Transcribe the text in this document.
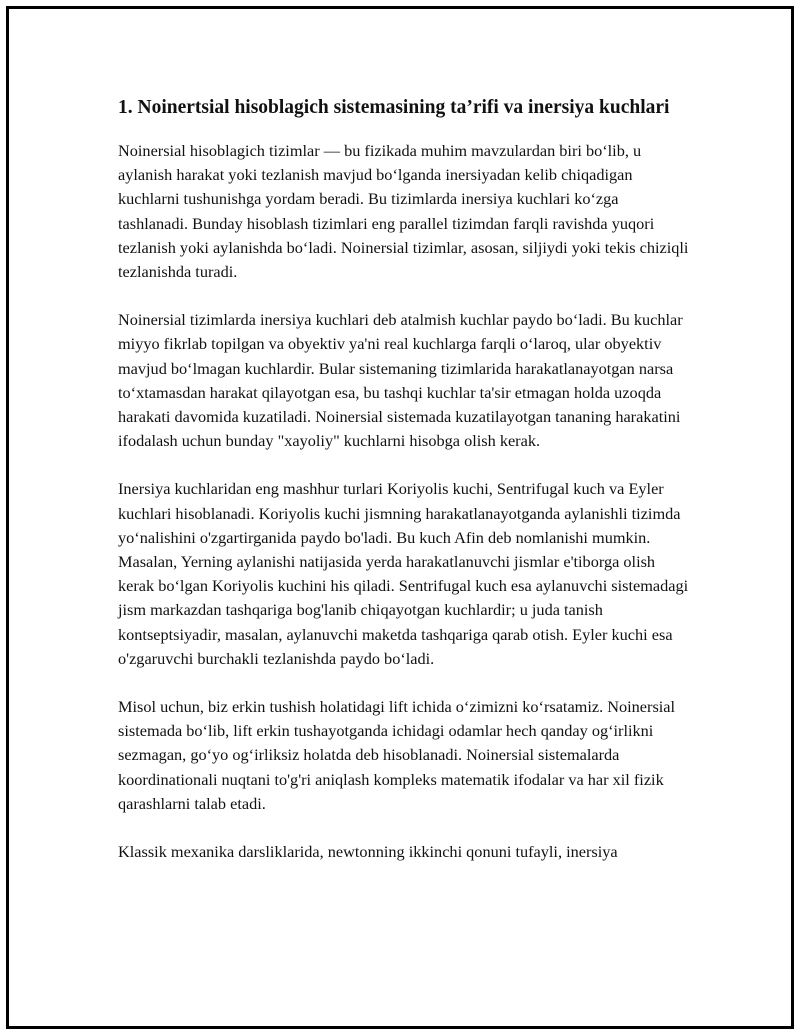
1. Noinertsial hisoblagich sistemasining ta’rifi va inersiya kuchlari

Noinersial hisoblagich tizimlar — bu fizikada muhim mavzulardan biri bo‘lib, u aylanish harakat yoki tezlanish mavjud bo‘lganda inersiyadan kelib chiqadigan kuchlarni tushunishga yordam beradi. Bu tizimlarda inersiya kuchlari ko‘zga tashlanadi. Bunday hisoblash tizimlari eng parallel tizimdan farqli ravishda yuqori tezlanish yoki aylanishda bo‘ladi. Noinersial tizimlar, asosan, siljiydi yoki tekis chiziqli tezlanishda turadi.

Noinersial tizimlarda inersiya kuchlari deb atalmish kuchlar paydo bo‘ladi. Bu kuchlar miyyo fikrlab topilgan va obyektiv ya'ni real kuchlarga farqli o‘laroq, ular obyektiv mavjud bo‘lmagan kuchlardir. Bular sistemaning tizimlarida harakatlanayotgan narsa to‘xtamasdan harakat qilayotgan esa, bu tashqi kuchlar ta'sir etmagan holda uzoqda harakati davomida kuzatiladi. Noinersial sistemada kuzatilayotgan tananing harakatini ifodalash uchun bunday "xayoliy" kuchlarni hisobga olish kerak.

Inersiya kuchlaridan eng mashhur turlari Koriyolis kuchi, Sentrifugal kuch va Eyler kuchlari hisoblanadi. Koriyolis kuchi jismning harakatlanayotganda aylanishli tizimda yo‘nalishini o'zgartirganida paydo bo'ladi. Bu kuch Afin deb nomlanishi mumkin. Masalan, Yerning aylanishi natijasida yerda harakatlanuvchi jismlar e'tiborga olish kerak bo‘lgan Koriyolis kuchini his qiladi. Sentrifugal kuch esa aylanuvchi sistemadagi jism markazdan tashqariga bog'lanib chiqayotgan kuchlardir; u juda tanish kontseptsiyadir, masalan, aylanuvchi maketda tashqariga qarab otish. Eyler kuchi esa o'zgaruvchi burchakli tezlanishda paydo bo‘ladi.

Misol uchun, biz erkin tushish holatidagi lift ichida o‘zimizni ko‘rsatamiz. Noinersial sistemada bo‘lib, lift erkin tushayotganda ichidagi odamlar hech qanday og‘irlikni sezmagan, go‘yo og‘irliksiz holatda deb hisoblanadi. Noinersial sistemalarda koordinationali nuqtani to'g'ri aniqlash kompleks matematik ifodalar va har xil fizik qarashlarni talab etadi.

Klassik mexanika darsliklarida, newtonning ikkinchi qonuni tufayli, inersiya
